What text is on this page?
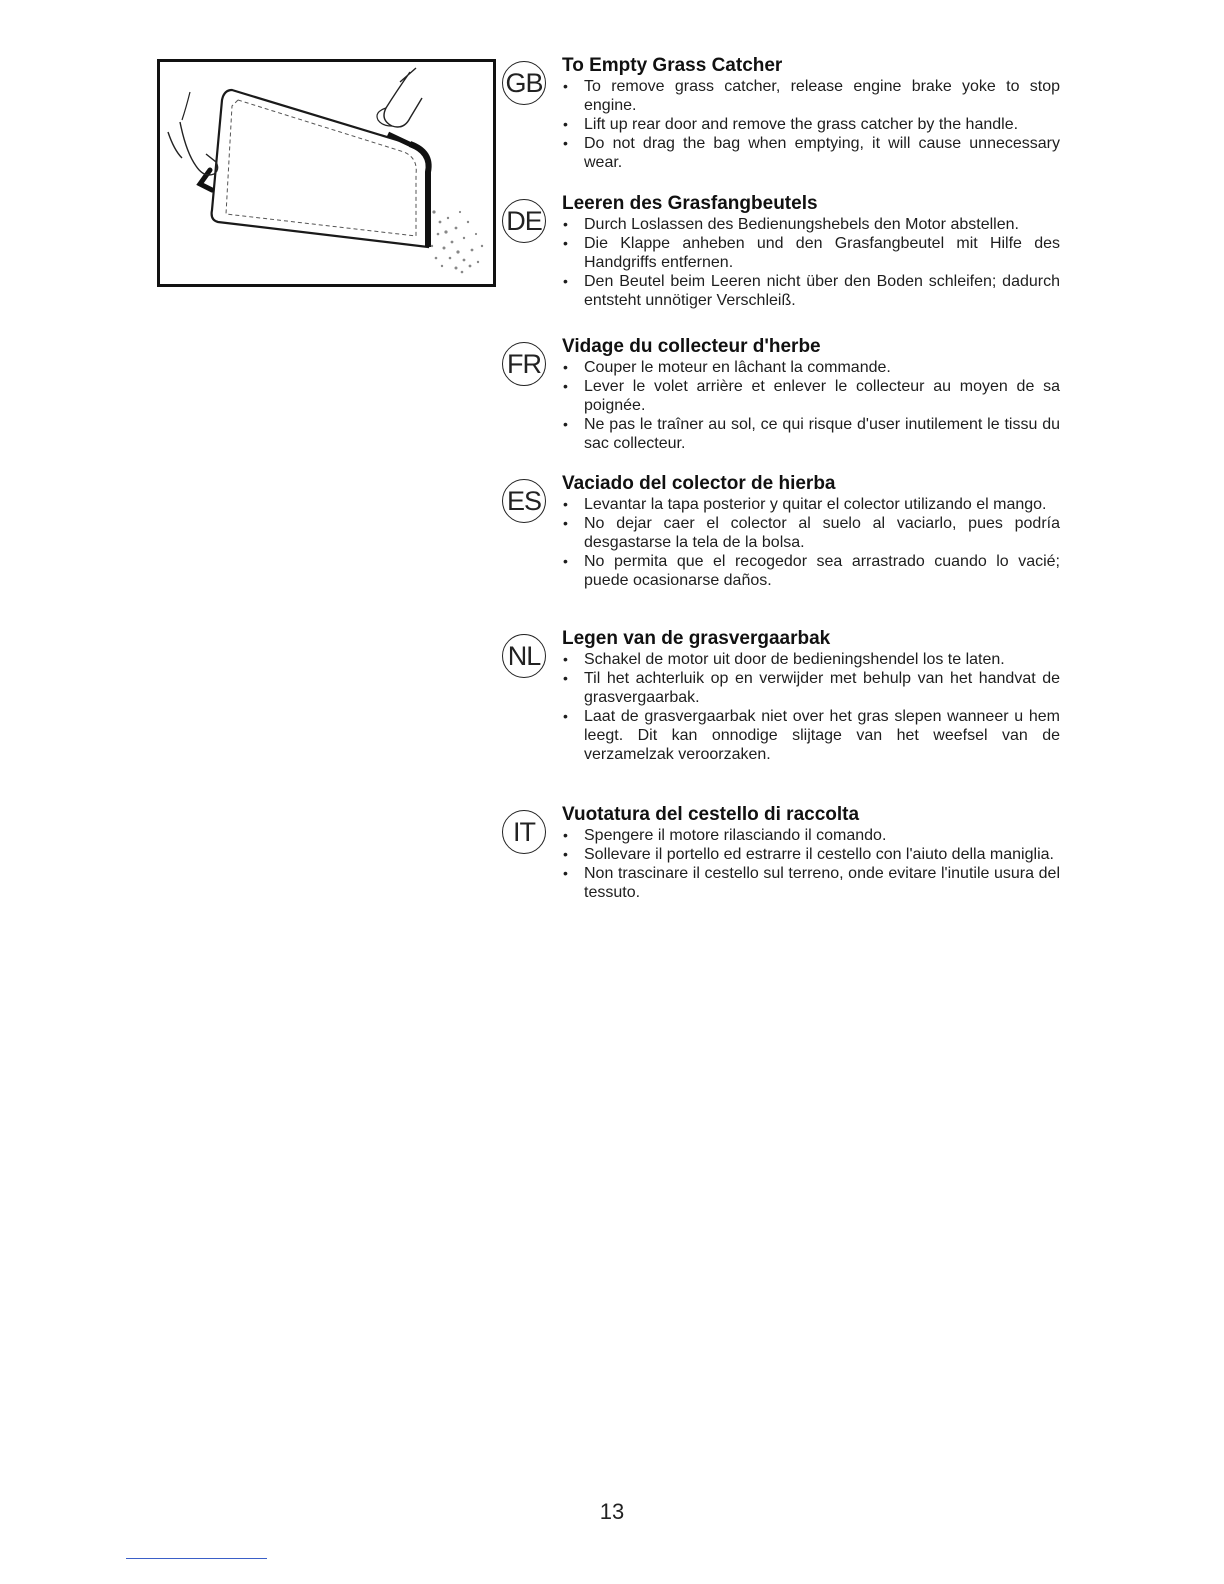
GB
To Empty Grass Catcher
• To remove grass catcher, release engine brake yoke to stop engine.
• Lift up rear door and remove the grass catcher by the handle.
• Do not drag the bag when emptying, it will cause unnecessary wear.
DE
Leeren des Grasfangbeutels
• Durch Loslassen des Bedienungshebels den Motor abstellen.
• Die Klappe anheben und den Grasfangbeutel mit Hilfe des Handgriffs entfernen.
• Den Beutel beim Leeren nicht über den Boden schleifen; dadurch entsteht unnötiger Verschleiß.
FR
Vidage du collecteur d'herbe
• Couper le moteur en lâchant la commande.
• Lever le volet arrière et enlever le collecteur au moyen de sa poignée.
• Ne pas le traîner au sol, ce qui risque d'user inutilement le tissu du sac collecteur.
ES
Vaciado del colector de hierba
• Levantar la tapa posterior y quitar el colector utilizando el mango.
• No dejar caer el colector al suelo al vaciarlo, pues podría desgastarse la tela de la bolsa.
• No permita que el recogedor sea arrastrado cuando lo vacié; puede ocasionarse daños.
NL
Legen van de grasvergaarbak
• Schakel de motor uit door de bedieningshendel los te laten.
• Til het achterluik op en verwijder met behulp van het handvat de grasvergaarbak.
• Laat de grasvergaarbak niet over het gras slepen wanneer u hem leegt. Dit kan onnodige slijtage van het weefsel van de verzamelzak veroorzaken.
IT
Vuotatura del cestello di raccolta
• Spengere il motore rilasciando il comando.
• Sollevare il portello ed estrarre il cestello con l'aiuto della maniglia.
• Non trascinare il cestello sul terreno, onde evitare l'inutile usura del tessuto.
13
